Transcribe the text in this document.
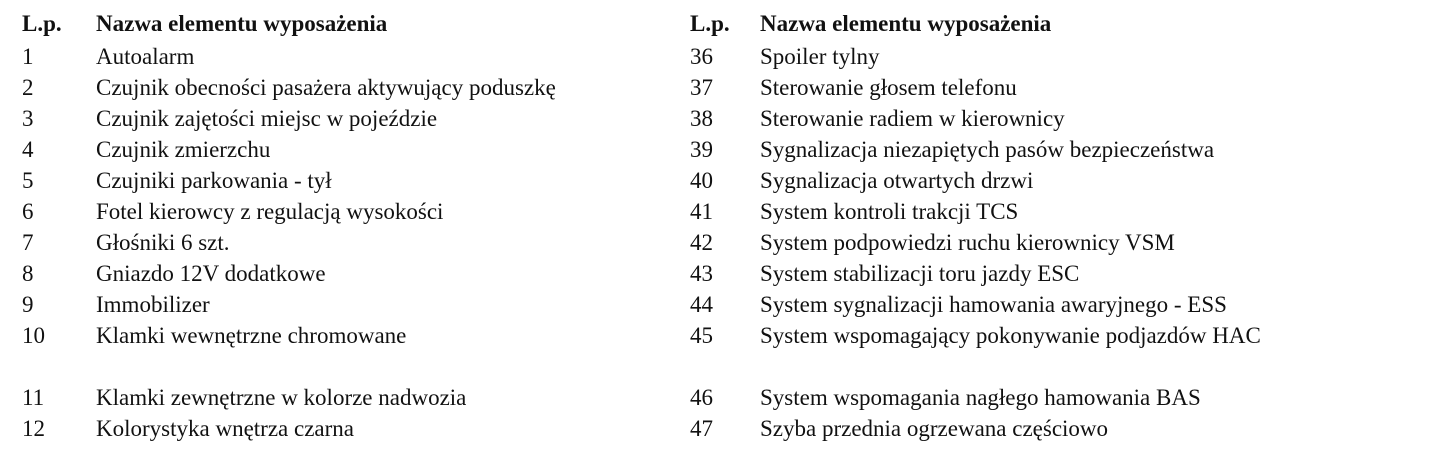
L.p.	Nazwa elementu wyposażenia
1	Autoalarm
2	Czujnik obecności pasażera aktywujący poduszkę
3	Czujnik zajętości miejsc w pojeździe
4	Czujnik zmierzchu
5	Czujniki parkowania - tył
6	Fotel kierowcy z regulacją wysokości
7	Głośniki 6 szt.
8	Gniazdo 12V dodatkowe
9	Immobilizer
10	Klamki wewnętrzne chromowane
11	Klamki zewnętrzne w kolorze nadwozia
12	Kolorystyka wnętrza czarna
L.p.	Nazwa elementu wyposażenia
36	Spoiler tylny
37	Sterowanie głosem telefonu
38	Sterowanie radiem w kierownicy
39	Sygnalizacja niezapiętych pasów bezpieczeństwa
40	Sygnalizacja otwartych drzwi
41	System kontroli trakcji TCS
42	System podpowiedzi ruchu kierownicy VSM
43	System stabilizacji toru jazdy ESC
44	System sygnalizacji hamowania awaryjnego - ESS
45	System wspomagający pokonywanie podjazdów HAC
46	System wspomagania nagłego hamowania BAS
47	Szyba przednia ogrzewana częściowo
